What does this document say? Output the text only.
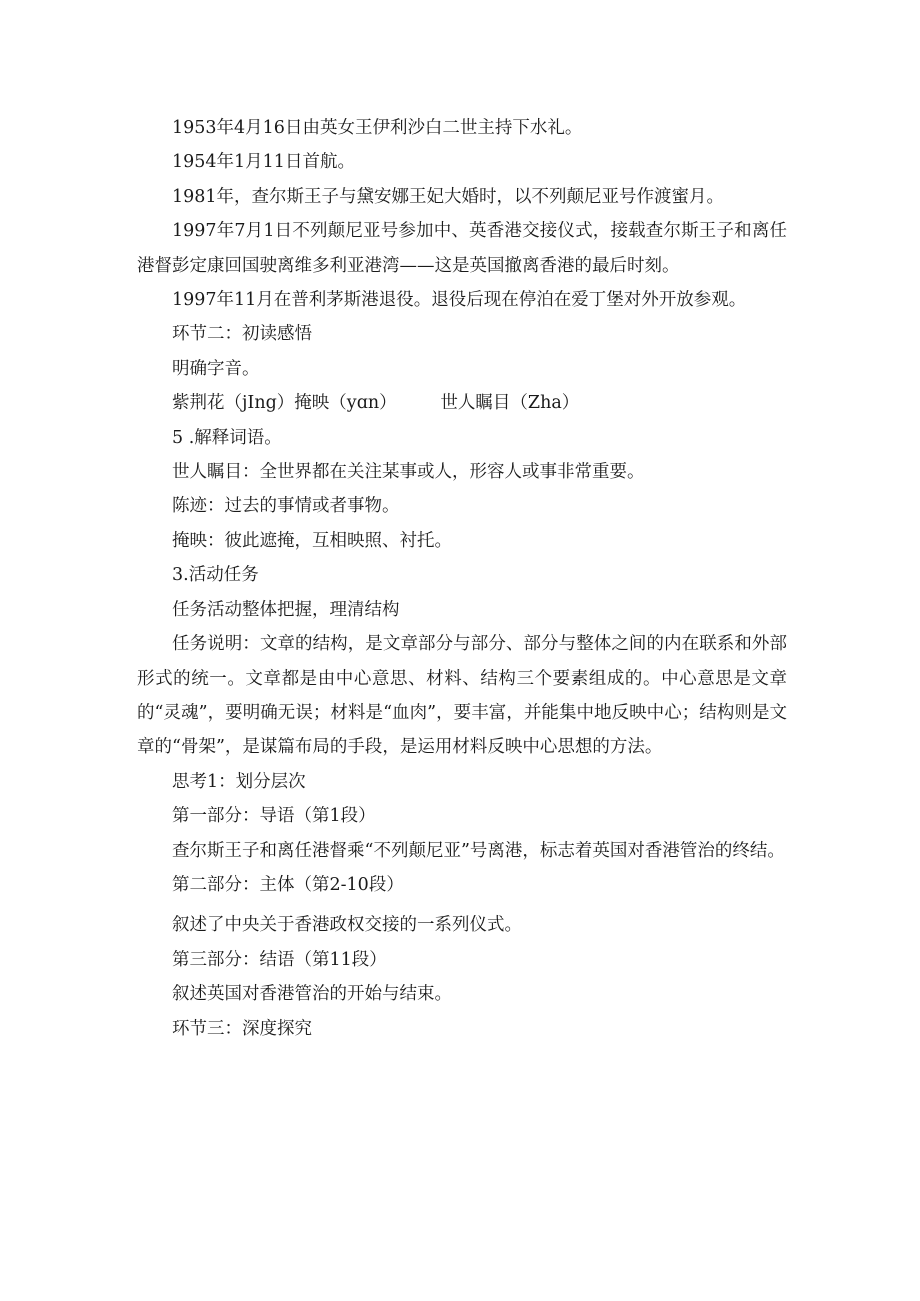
1953年4月16日由英女王伊利沙白二世主持下水礼。

1954年1月11日首航。

1981年，查尔斯王子与黛安娜王妃大婚时，以不列颠尼亚号作渡蜜月。

1997年7月1日不列颠尼亚号参加中、英香港交接仪式，接载查尔斯王子和离任港督彭定康回国驶离维多利亚港湾——这是英国撤离香港的最后时刻。

1997年11月在普利茅斯港退役。退役后现在停泊在爱丁堡对外开放参观。

环节二：初读感悟

明确字音。

紫荆花（jIng）掩映（yɑn）　　　世人瞩目（Zha）

5 .解释词语。

世人瞩目：全世界都在关注某事或人，形容人或事非常重要。

陈迹：过去的事情或者事物。

掩映：彼此遮掩，互相映照、衬托。

3.活动任务

任务活动整体把握，理清结构

任务说明：文章的结构，是文章部分与部分、部分与整体之间的内在联系和外部形式的统一。文章都是由中心意思、材料、结构三个要素组成的。中心意思是文章的“灵魂”，要明确无误；材料是“血肉”，要丰富，并能集中地反映中心；结构则是文章的“骨架”，是谋篇布局的手段，是运用材料反映中心思想的方法。

思考1：划分层次

第一部分：导语（第1段）

查尔斯王子和离任港督乘“不列颠尼亚”号离港，标志着英国对香港管治的终结。

第二部分：主体（第2-10段）

叙述了中央关于香港政权交接的一系列仪式。

第三部分：结语（第11段）

叙述英国对香港管治的开始与结束。

环节三：深度探究
